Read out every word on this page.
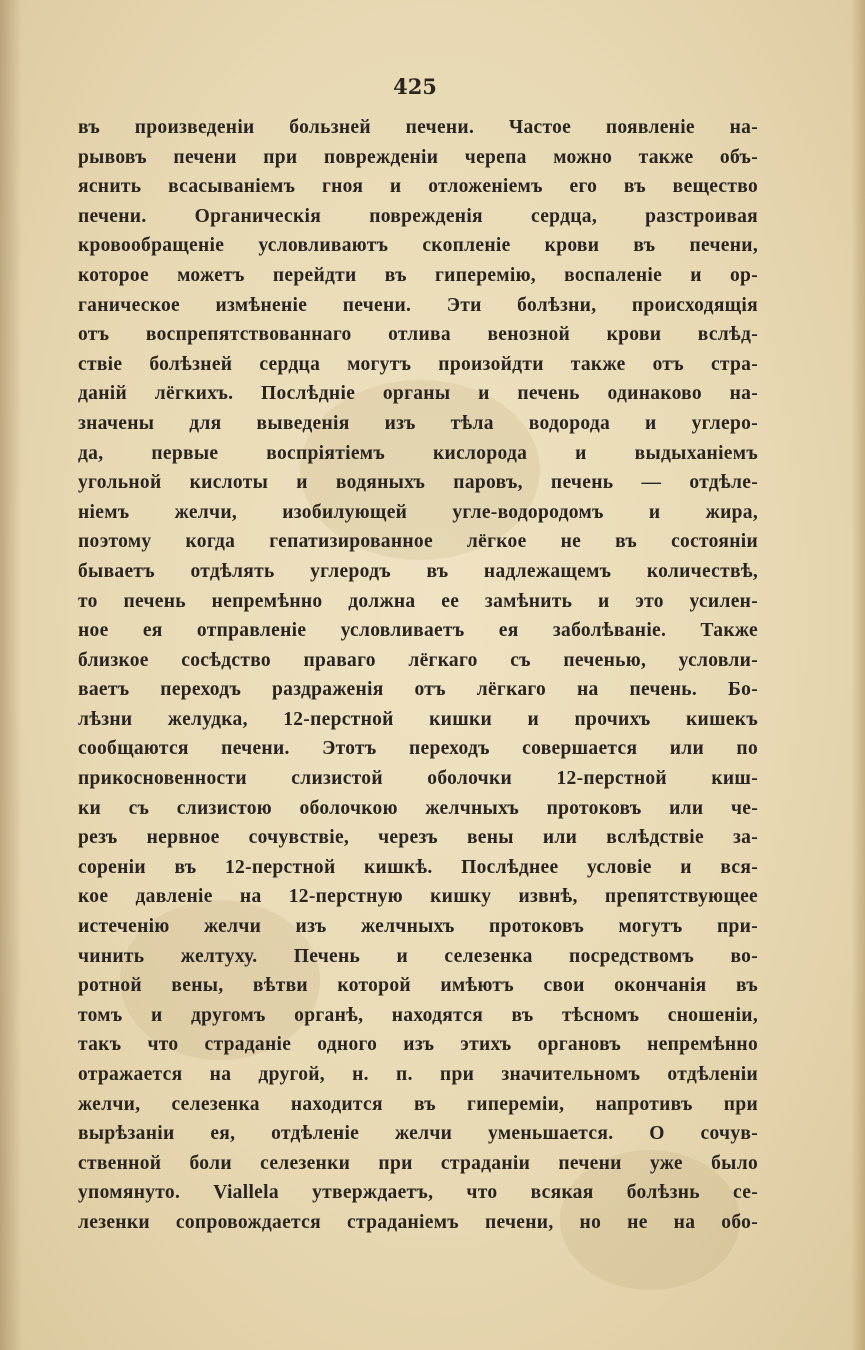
425
въ произведеніи бользней печени. Частое появленіе на-
рывовъ печени при поврежденіи черепа можно также объ-
яснить всасываніемъ гноя и отложеніемъ его въ вещество
печени. Органическія поврежденія сердца, разстроивая
кровообращеніе условливаютъ скопленіе крови въ печени,
которое можетъ перейдти въ гиперемію, воспаленіе и ор-
ганическое измѣненіе печени. Эти болѣзни, происходящія
отъ воспрепятствованнаго отлива венозной крови вслѣд-
ствіе болѣзней сердца могутъ произойдти также отъ стра-
даній лёгкихъ. Послѣдніе органы и печень одинаково на-
значены для выведенія изъ тѣла водорода и углеро-
да, первые воспріятіемъ кислорода и выдыханіемъ
угольной кислоты и водяныхъ паровъ, печень — отдѣле-
ніемъ желчи, изобилующей угле-водородомъ и жира,
поэтому когда гепатизированное лёгкое не въ состояніи
бываетъ отдѣлять углеродъ въ надлежащемъ количествѣ,
то печень непремѣнно должна ее замѣнить и это усилен-
ное ея отправленіе условливаетъ ея заболѣваніе. Также
близкое сосѣдство праваго лёгкаго съ печенью, условли-
ваетъ переходъ раздраженія отъ лёгкаго на печень. Бо-
лѣзни желудка, 12-перстной кишки и прочихъ кишекъ
сообщаются печени. Этотъ переходъ совершается или по
прикосновенности слизистой оболочки 12-перстной киш-
ки съ слизистою оболочкою желчныхъ протоковъ или че-
резъ нервное сочувствіе, черезъ вены или вслѣдствіе за-
сореніи въ 12-перстной кишкѣ. Послѣднее условіе и вся-
кое давленіе на 12-перстную кишку извнѣ, препятствующее
истеченію желчи изъ желчныхъ протоковъ могутъ при-
чинить желтуху. Печень и селезенка посредствомъ во-
ротной вены, вѣтви которой имѣютъ свои окончанія въ
томъ и другомъ органѣ, находятся въ тѣсномъ сношеніи,
такъ что страданіе одного изъ этихъ органовъ непремѣнно
отражается на другой, н. п. при значительномъ отдѣленіи
желчи, селезенка находится въ гипереміи, напротивъ при
вырѣзаніи ея, отдѣленіе желчи уменьшается. О сочув-
ственной боли селезенки при страданіи печени уже было
упомянуто. Viallela утверждаетъ, что всякая болѣзнь се-
лезенки сопровождается страданіемъ печени, но не на обо-
